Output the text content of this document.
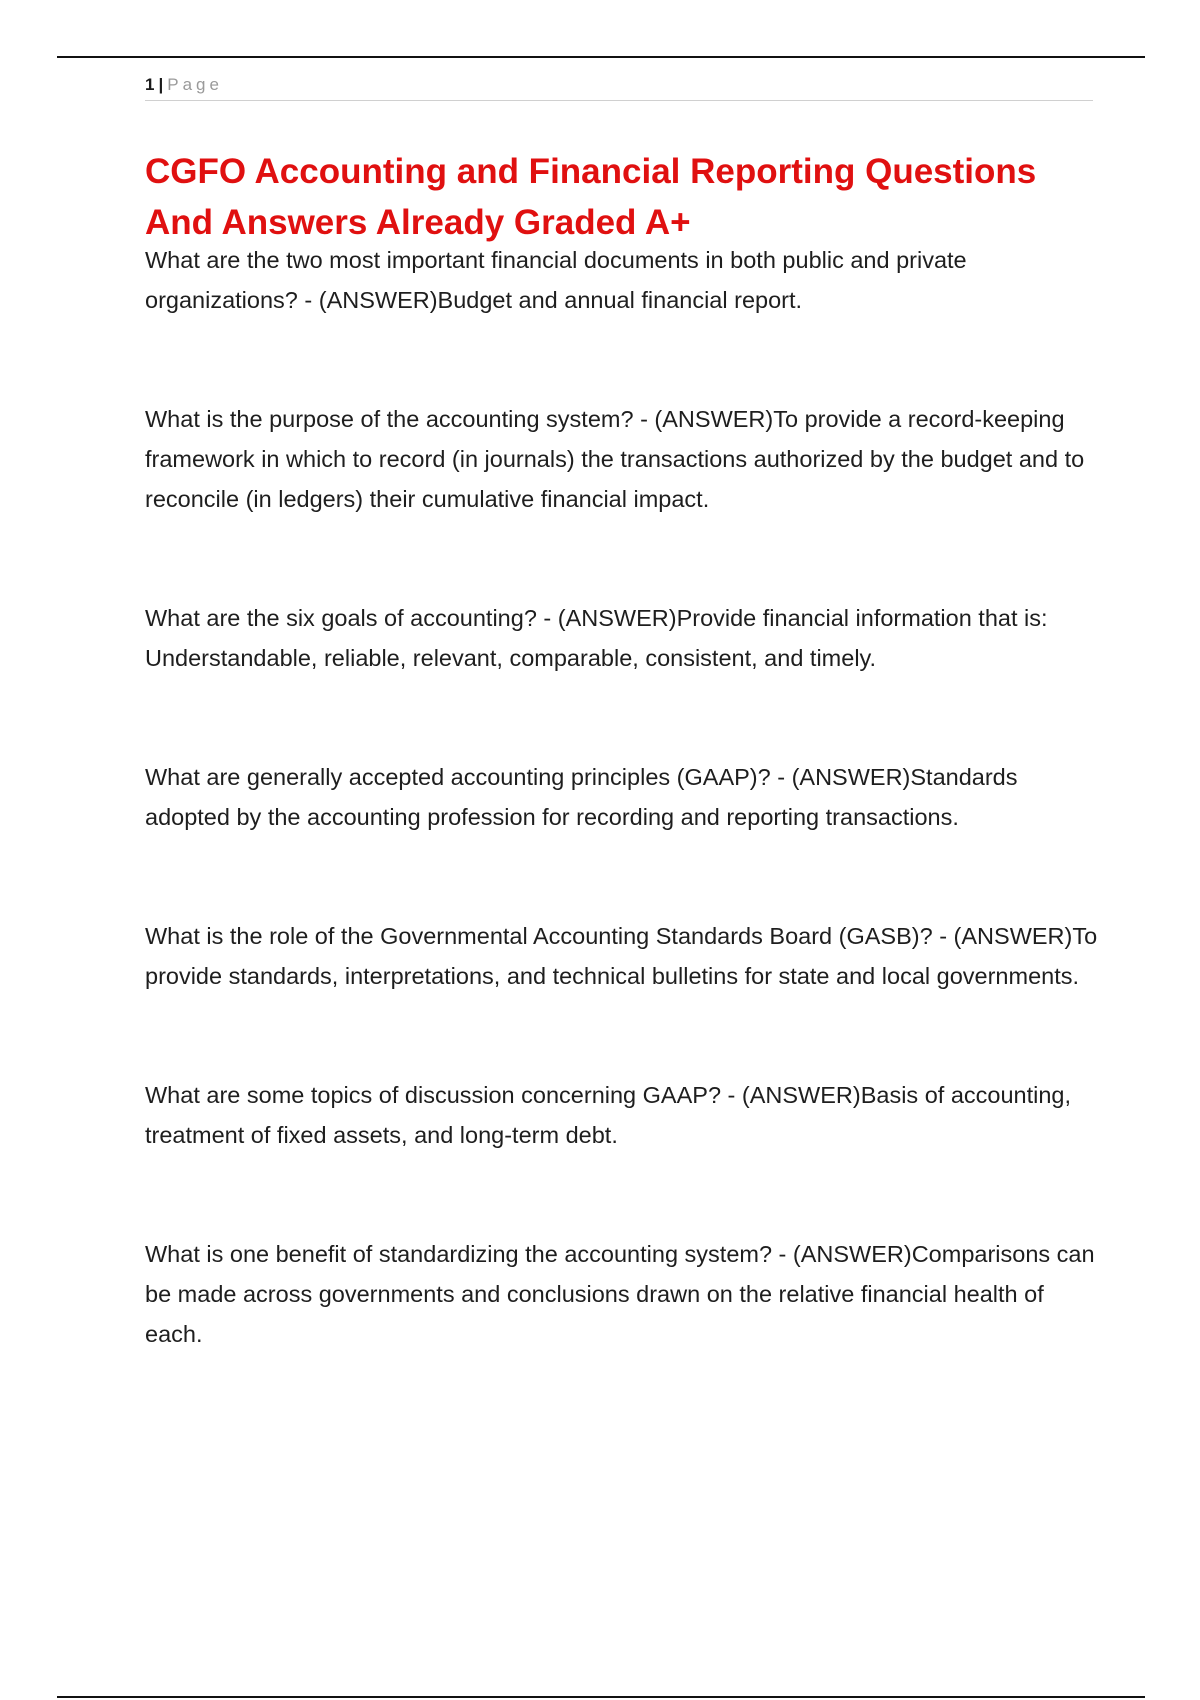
1 | Page
CGFO Accounting and Financial Reporting Questions And Answers Already Graded A+

What are the two most important financial documents in both public and private organizations? - (ANSWER)Budget and annual financial report.

What is the purpose of the accounting system? - (ANSWER)To provide a record-keeping framework in which to record (in journals) the transactions authorized by the budget and to reconcile (in ledgers) their cumulative financial impact.

What are the six goals of accounting? - (ANSWER)Provide financial information that is: Understandable, reliable, relevant, comparable, consistent, and timely.

What are generally accepted accounting principles (GAAP)? - (ANSWER)Standards adopted by the accounting profession for recording and reporting transactions.

What is the role of the Governmental Accounting Standards Board (GASB)? - (ANSWER)To provide standards, interpretations, and technical bulletins for state and local governments.

What are some topics of discussion concerning GAAP? - (ANSWER)Basis of accounting, treatment of fixed assets, and long-term debt.

What is one benefit of standardizing the accounting system? - (ANSWER)Comparisons can be made across governments and conclusions drawn on the relative financial health of each.
